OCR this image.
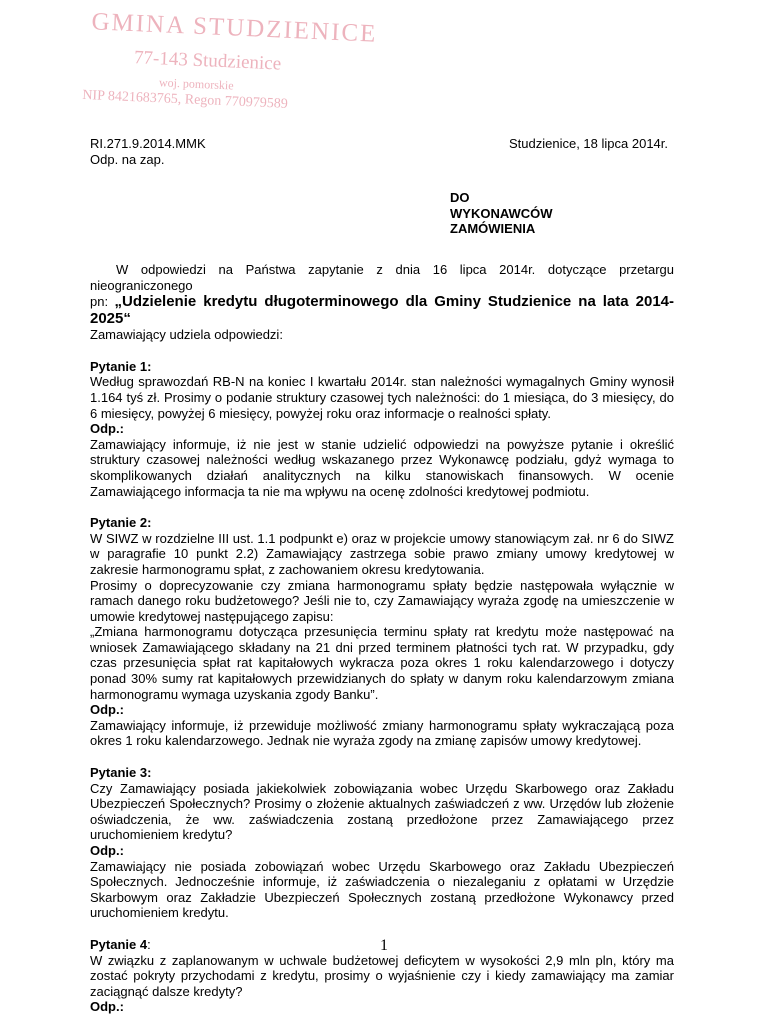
GMINA STUDZIENICE
77-143 Studzienice
woj. pomorskie
NIP 8421683765, Regon 770979589
RI.271.9.2014.MMK
Odp. na zap.
Studzienice, 18 lipca 2014r.
DO
WYKONAWCÓW
ZAMÓWIENIA

W odpowiedzi na Państwa zapytanie z dnia 16 lipca 2014r. dotyczące przetargu nieograniczonego

pn: „Udzielenie kredytu długoterminowego dla Gminy Studzienice na lata 2014-2025“

Zamawiający udziela odpowiedzi:

Pytanie 1:

Według sprawozdań RB-N na koniec I kwartału 2014r. stan należności wymagalnych Gminy wynosił 1.164 tyś zł. Prosimy o podanie struktury czasowej tych należności: do 1 miesiąca, do 3 miesięcy, do 6 miesięcy, powyżej 6 miesięcy, powyżej roku oraz informacje o realności spłaty.

Odp.:

Zamawiający informuje, iż nie jest w stanie udzielić odpowiedzi na powyższe pytanie i określić struktury czasowej należności według wskazanego przez Wykonawcę podziału, gdyż wymaga to skomplikowanych działań analitycznych na kilku stanowiskach finansowych. W ocenie Zamawiającego informacja ta nie ma wpływu na ocenę zdolności kredytowej podmiotu.

Pytanie 2:

W SIWZ w rozdzielne III ust. 1.1 podpunkt e) oraz w projekcie umowy stanowiącym zał. nr 6 do SIWZ w paragrafie 10 punkt 2.2) Zamawiający zastrzega sobie prawo zmiany umowy kredytowej w zakresie harmonogramu spłat, z zachowaniem okresu kredytowania.

Prosimy o doprecyzowanie czy zmiana harmonogramu spłaty będzie następowała wyłącznie w ramach danego roku budżetowego? Jeśli nie to, czy Zamawiający wyraża zgodę na umieszczenie w umowie kredytowej następującego zapisu:

„Zmiana harmonogramu dotycząca przesunięcia terminu spłaty rat kredytu może następować na wniosek Zamawiającego składany na 21 dni przed terminem płatności tych rat. W przypadku, gdy czas przesunięcia spłat rat kapitałowych wykracza poza okres 1 roku kalendarzowego i dotyczy ponad 30% sumy rat kapitałowych przewidzianych do spłaty w danym roku kalendarzowym zmiana harmonogramu wymaga uzyskania zgody Banku”.

Odp.:

Zamawiający informuje, iż przewiduje możliwość zmiany harmonogramu spłaty wykraczającą poza okres 1 roku kalendarzowego. Jednak nie wyraża zgody na zmianę zapisów umowy kredytowej.

Pytanie 3:

Czy Zamawiający posiada jakiekolwiek zobowiązania wobec Urzędu Skarbowego oraz Zakładu Ubezpieczeń Społecznych? Prosimy o złożenie aktualnych zaświadczeń z ww. Urzędów lub złożenie oświadczenia, że ww. zaświadczenia zostaną przedłożone przez Zamawiającego przez uruchomieniem kredytu?

Odp.:

Zamawiający nie posiada zobowiązań wobec Urzędu Skarbowego oraz Zakładu Ubezpieczeń Społecznych. Jednocześnie informuje, iż zaświadczenia o niezaleganiu z opłatami w Urzędzie Skarbowym oraz Zakładzie Ubezpieczeń Społecznych zostaną przedłożone Wykonawcy przed uruchomieniem kredytu.

Pytanie 4:

W związku z zaplanowanym w uchwale budżetowej deficytem w wysokości 2,9 mln pln, który ma zostać pokryty przychodami z kredytu, prosimy o wyjaśnienie czy i kiedy zamawiający ma zamiar zaciągnąć dalsze kredyty?

Odp.:

1
